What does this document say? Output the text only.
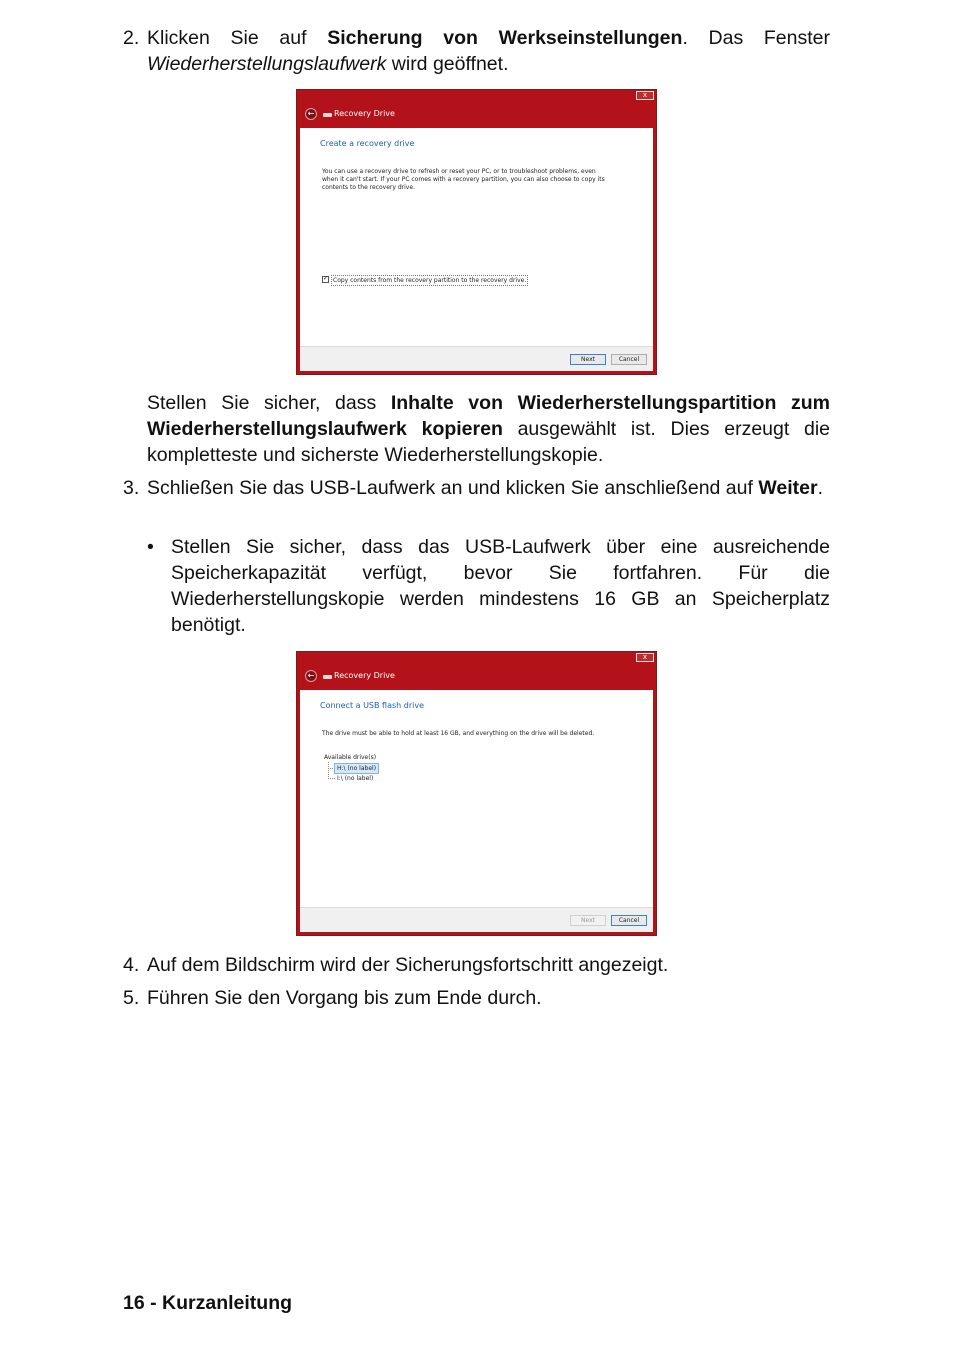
2. Klicken Sie auf Sicherung von Werkseinstellungen. Das Fenster Wiederherstellungslaufwerk wird geöffnet.

x
←	Recovery Drive
Create a recovery drive
You can use a recovery drive to refresh or reset your PC, or to troubleshoot problems, even when it can't start. If your PC comes with a recovery partition, you can also choose to copy its contents to the recovery drive.
✓ Copy contents from the recovery partition to the recovery drive.
Next	Cancel

Stellen Sie sicher, dass Inhalte von Wiederherstellungspartition zum Wiederherstellungslaufwerk kopieren ausgewählt ist. Dies erzeugt die kompletteste und sicherste Wiederherstellungskopie.

3. Schließen Sie das USB-Laufwerk an und klicken Sie anschließend auf Weiter.

• Stellen Sie sicher, dass das USB-Laufwerk über eine ausreichende Speicherkapazität verfügt, bevor Sie fortfahren. Für die Wiederherstellungskopie werden mindestens 16 GB an Speicherplatz benötigt.

x
←	Recovery Drive
Connect a USB flash drive
The drive must be able to hold at least 16 GB, and everything on the drive will be deleted.
Available drive(s)
H:\ (no label)
I:\ (no label)
Next	Cancel
4. Auf dem Bildschirm wird der Sicherungsfortschritt angezeigt.

5. Führen Sie den Vorgang bis zum Ende durch.

16 - Kurzanleitung
